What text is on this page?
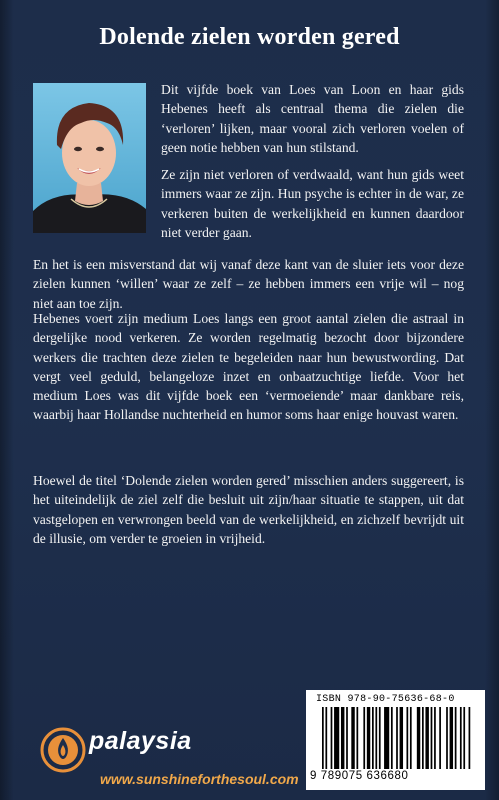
Dolende zielen worden gered

Dit vijfde boek van Loes van Loon en haar gids Hebenes heeft als centraal thema die zielen die ‘verloren’ lijken, maar vooral zich verloren voelen of geen notie hebben van hun stilstand.

Ze zijn niet verloren of verdwaald, want hun gids weet immers waar ze zijn. Hun psyche is echter in de war, ze verkeren buiten de werkelijkheid en kunnen daardoor niet verder gaan.

En het is een misverstand dat wij vanaf deze kant van de sluier iets voor deze zielen kunnen ‘willen’ waar ze zelf – ze hebben immers een vrije wil – nog niet aan toe zijn.

Hebenes voert zijn medium Loes langs een groot aantal zielen die astraal in dergelijke nood verkeren. Ze worden regelmatig bezocht door bijzondere werkers die trachten deze zielen te begeleiden naar hun bewustwording. Dat vergt veel geduld, belangeloze inzet en onbaatzuchtige liefde. Voor het medium Loes was dit vijfde boek een ‘vermoeiende’ maar dankbare reis, waarbij haar Hollandse nuchterheid en humor soms haar enige houvast waren.

Hoewel de titel ‘Dolende zielen worden gered’ misschien anders suggereert, is het uiteindelijk de ziel zelf die besluit uit zijn/haar situatie te stappen, uit dat vastgelopen en verwrongen beeld van de werkelijkheid, en zichzelf bevrijdt uit de illusie, om verder te groeien in vrijheid.

ISBN 978-90-75636-68-0
9 789075 636680
palaysia
www.sunshineforthesoul.com
